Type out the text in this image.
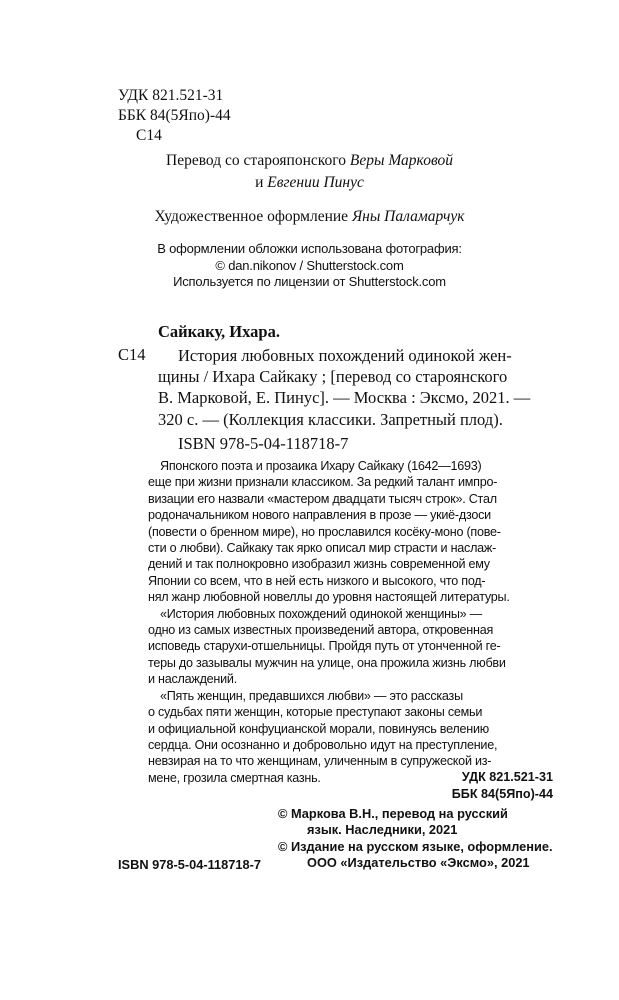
УДК 821.521-31
ББК 84(5Япо)-44
С14
Перевод со старояпонского Веры Марковой
и Евгении Пинус
Художественное оформление Яны Паламарчук
В оформлении обложки использована фотография:
© dan.nikonov / Shutterstock.com
Используется по лицензии от Shutterstock.com
Сайкаку, Ихара.
С14	История любовных похождений одинокой жен-
щины / Ихара Сайкаку ; [перевод со староянского
В. Марковой, Е. Пинус]. — Москва : Эксмо, 2021. —
320 с. — (Коллекция классики. Запретный плод).
ISBN 978-5-04-118718-7
Японского поэта и прозаика Ихару Сайкаку (1642—1693)
еще при жизни признали классиком. За редкий талант импро-
визации его назвали «мастером двадцати тысяч строк». Стал
родоначальником нового направления в прозе — укиё-дзоси
(повести о бренном мире), но прославился косёку-моно (пове-
сти о любви). Сайкаку так ярко описал мир страсти и наслаж-
дений и так полнокровно изобразил жизнь современной ему
Японии со всем, что в ней есть низкого и высокого, что под-
нял жанр любовной новеллы до уровня настоящей литературы.
«История любовных похождений одинокой женщины» —
одно из самых известных произведений автора, откровенная
исповедь старухи-отшельницы. Пройдя путь от утонченной ге-
теры до зазывалы мужчин на улице, она прожила жизнь любви
и наслаждений.
«Пять женщин, предавшихся любви» — это рассказы
о судьбах пяти женщин, которые преступают законы семьи
и официальной конфуцианской морали, повинуясь велению
сердца. Они осознанно и добровольно идут на преступление,
невзирая на то что женщинам, уличенным в супружеской из-
мене, грозила смертная казнь.	УДК 821.521-31
ББК 84(5Япо)-44
© Маркова В.Н., перевод на русский
язык. Наследники, 2021
© Издание на русском языке, оформление.
ООО «Издательство «Эксмо», 2021
ISBN 978-5-04-118718-7
